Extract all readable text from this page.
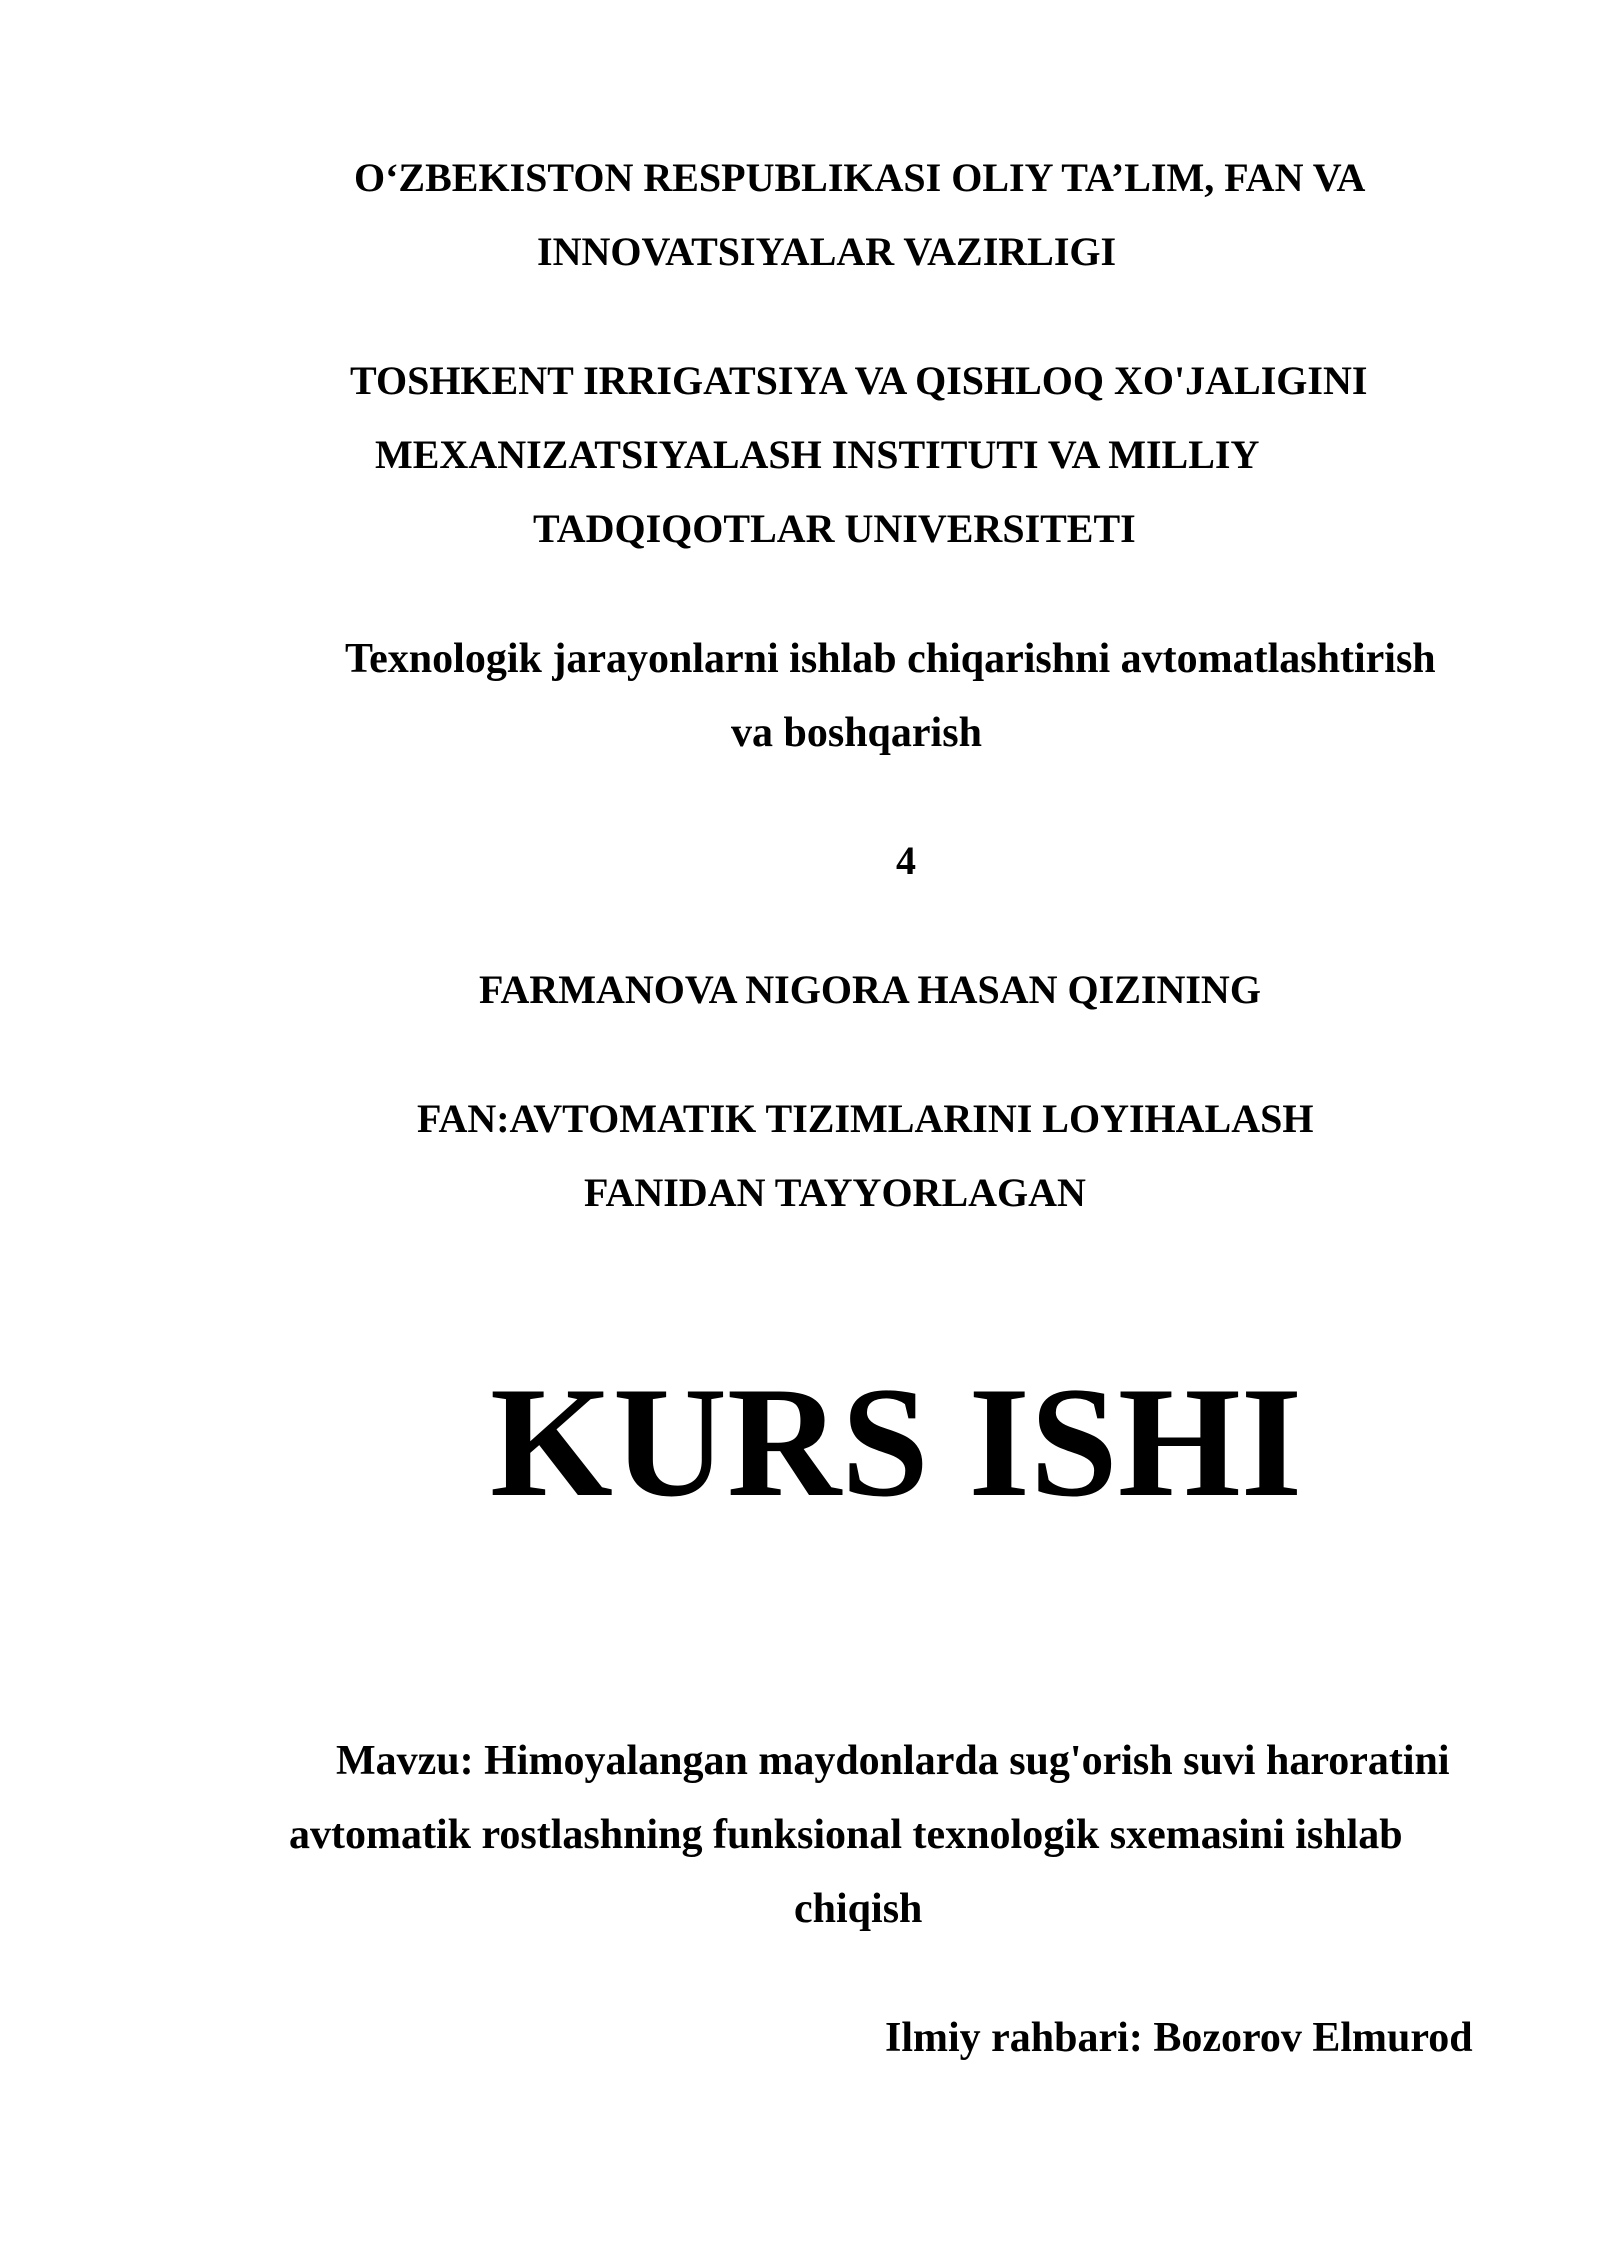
O‘ZBEKISTON RESPUBLIKASI OLIY TA’LIM, FAN VA
INNOVATSIYALAR VAZIRLIGI
TOSHKENT IRRIGATSIYA VA QISHLOQ XO'JALIGINI
MEXANIZATSIYALASH INSTITUTI VA MILLIY
TADQIQOTLAR UNIVERSITETI
Texnologik jarayonlarni ishlab chiqarishni avtomatlashtirish
va boshqarish
4
FARMANOVA NIGORA HASAN QIZINING
FAN:AVTOMATIK TIZIMLARINI LOYIHALASH
FANIDAN TAYYORLAGAN
KURS ISHI
Mavzu: Himoyalangan maydonlarda sug'orish suvi haroratini
avtomatik rostlashning funksional texnologik sxemasini ishlab
chiqish
Ilmiy rahbari: Bozorov Elmurod
